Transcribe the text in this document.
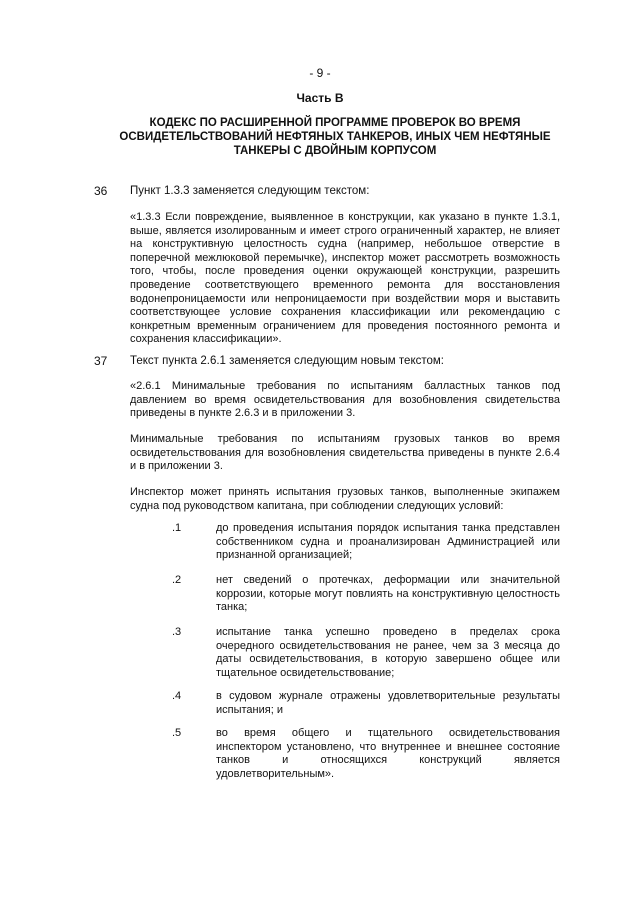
- 9 -
Часть В
КОДЕКС ПО РАСШИРЕННОЙ ПРОГРАММЕ ПРОВЕРОК ВО ВРЕМЯ ОСВИДЕТЕЛЬСТВОВАНИЙ НЕФТЯНЫХ ТАНКЕРОВ, ИНЫХ ЧЕМ НЕФТЯНЫЕ ТАНКЕРЫ С ДВОЙНЫМ КОРПУСОМ
36 Пункт 1.3.3 заменяется следующим текстом:
«1.3.3 Если повреждение, выявленное в конструкции, как указано в пункте 1.3.1, выше, является изолированным и имеет строго ограниченный характер, не влияет на конструктивную целостность судна (например, небольшое отверстие в поперечной межлюковой перемычке), инспектор может рассмотреть возможность того, чтобы, после проведения оценки окружающей конструкции, разрешить проведение соответствующего временного ремонта для восстановления водонепроницаемости или непроницаемости при воздействии моря и выставить соответствующее условие сохранения классификации или рекомендацию с конкретным временным ограничением для проведения постоянного ремонта и сохранения классификации».
37 Текст пункта 2.6.1 заменяется следующим новым текстом:
«2.6.1 Минимальные требования по испытаниям балластных танков под давлением во время освидетельствования для возобновления свидетельства приведены в пункте 2.6.3 и в приложении 3.
Минимальные требования по испытаниям грузовых танков во время освидетельствования для возобновления свидетельства приведены в пункте 2.6.4 и в приложении 3.
Инспектор может принять испытания грузовых танков, выполненные экипажем судна под руководством капитана, при соблюдении следующих условий:
.1	до проведения испытания порядок испытания танка представлен собственником судна и проанализирован Администрацией или признанной организацией;
.2	нет сведений о протечках, деформации или значительной коррозии, которые могут повлиять на конструктивную целостность танка;
.3	испытание танка успешно проведено в пределах срока очередного освидетельствования не ранее, чем за 3 месяца до даты освидетельствования, в которую завершено общее или тщательное освидетельствование;
.4	в судовом журнале отражены удовлетворительные результаты испытания; и
.5	во время общего и тщательного освидетельствования инспектором установлено, что внутреннее и внешнее состояние танков и относящихся конструкций является удовлетворительным».
